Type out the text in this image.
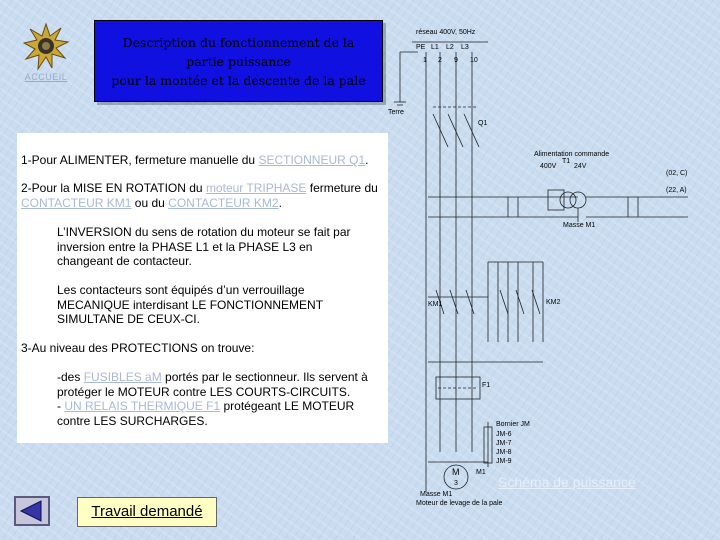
ACCUEIL
Description du fonctionnement de la
partie puissance
pour la montée et la descente de la pale

1-Pour ALIMENTER, fermeture manuelle du SECTIONNEUR Q1.

2-Pour la MISE EN ROTATION du moteur TRIPHASE fermeture du CONTACTEUR KM1 ou du CONTACTEUR KM2.

L’INVERSION du sens de rotation du moteur se fait par inversion entre la PHASE L1 et la PHASE L3 en changeant de contacteur.

Les contacteurs sont équipés d’un verrouillage MECANIQUE interdisant LE FONCTIONNEMENT SIMULTANE DE CEUX-CI.

3-Au niveau des PROTECTIONS on trouve:

-des FUSIBLES aM portés par le sectionneur. Ils servent à protéger le MOTEUR contre LES COURTS-CIRCUITS.

- UN RELAIS THERMIQUE F1 protégeant LE MOTEUR contre LES SURCHARGES.

réseau 400V, 50Hz
PE L1 L2 L3
1 2 9 10
Terre
Q1
Alimentation commande
400V	24V
T1
Masse M1
(02, C)
(22, A)
KM1	KM2
F1
Bornier JM
JM-6
JM-7
JM-8
JM-9
M
3
M1
Masse M1
Moteur de levage de la pale
Schéma de puissance
Travail demandé
